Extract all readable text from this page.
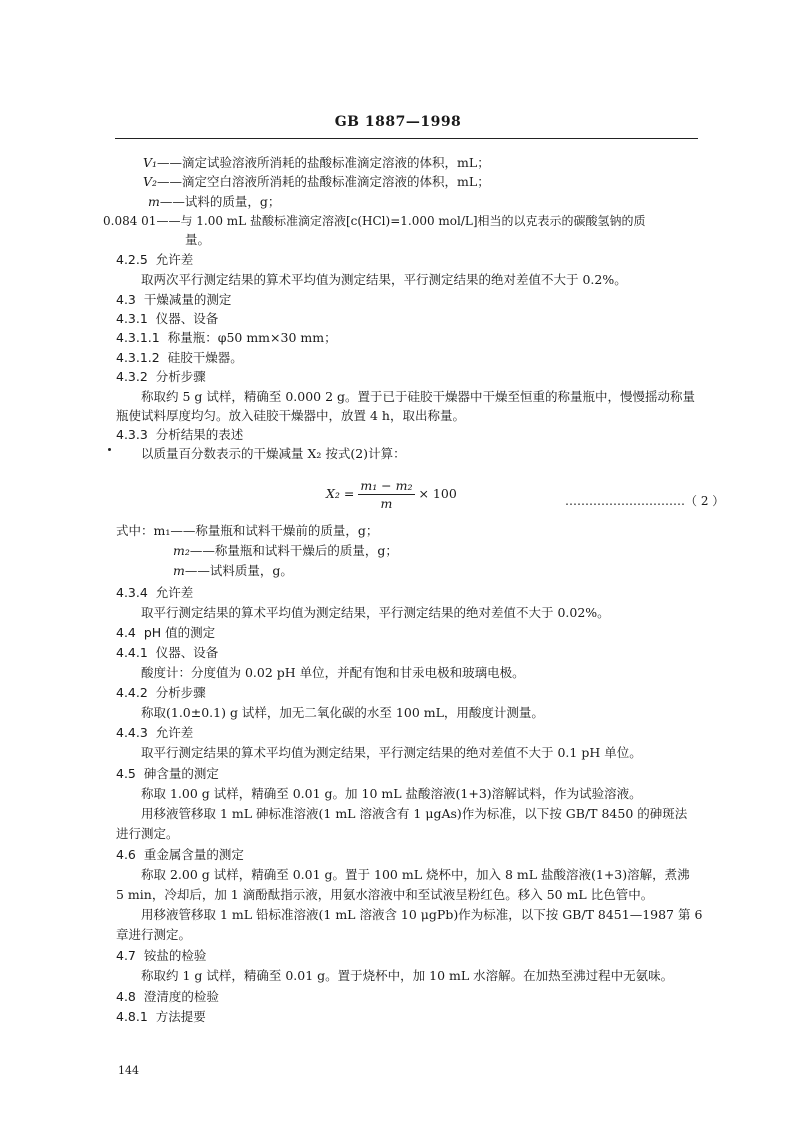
GB 1887—1998
V₁——滴定试验溶液所消耗的盐酸标准滴定溶液的体积，mL；
V₂——滴定空白溶液所消耗的盐酸标准滴定溶液的体积，mL；
m——试料的质量，g；
0.084 01——与 1.00 mL 盐酸标准滴定溶液[c(HCl)=1.000 mol/L]相当的以克表示的碳酸氢钠的质
量。
4.2.5 允许差
取两次平行测定结果的算术平均值为测定结果，平行测定结果的绝对差值不大于 0.2%。
4.3 干燥减量的测定
4.3.1 仪器、设备
4.3.1.1 称量瓶：φ50 mm×30 mm；
4.3.1.2 硅胶干燥器。
4.3.2 分析步骤
称取约 5 g 试样，精确至 0.000 2 g。置于已于硅胶干燥器中干燥至恒重的称量瓶中，慢慢摇动称量
瓶使试料厚度均匀。放入硅胶干燥器中，放置 4 h，取出称量。
4.3.3 分析结果的表述
以质量百分数表示的干燥减量 X₂ 按式(2)计算：
$X_2 = \frac{\text{m₁ − m₂}}{m} \times 100$	…………………………（ 2 ）
式中：m₁——称量瓶和试料干燥前的质量，g；
m₂——称量瓶和试料干燥后的质量，g；
m——试料质量，g。
4.3.4 允许差
取平行测定结果的算术平均值为测定结果，平行测定结果的绝对差值不大于 0.02%。
4.4 pH 值的测定
4.4.1 仪器、设备
酸度计：分度值为 0.02 pH 单位，并配有饱和甘汞电极和玻璃电极。
4.4.2 分析步骤
称取(1.0±0.1) g 试样，加无二氧化碳的水至 100 mL，用酸度计测量。
4.4.3 允许差
取平行测定结果的算术平均值为测定结果，平行测定结果的绝对差值不大于 0.1 pH 单位。
4.5 砷含量的测定
称取 1.00 g 试样，精确至 0.01 g。加 10 mL 盐酸溶液(1+3)溶解试料，作为试验溶液。
用移液管移取 1 mL 砷标准溶液(1 mL 溶液含有 1 μgAs)作为标准，以下按 GB/T 8450 的砷斑法
进行测定。
4.6 重金属含量的测定
称取 2.00 g 试样，精确至 0.01 g。置于 100 mL 烧杯中，加入 8 mL 盐酸溶液(1+3)溶解，煮沸
5 min，冷却后，加 1 滴酚酞指示液，用氨水溶液中和至试液呈粉红色。移入 50 mL 比色管中。
用移液管移取 1 mL 铅标准溶液(1 mL 溶液含 10 μgPb)作为标准，以下按 GB/T 8451—1987 第 6
章进行测定。
4.7 铵盐的检验
称取约 1 g 试样，精确至 0.01 g。置于烧杯中，加 10 mL 水溶解。在加热至沸过程中无氨味。
4.8 澄清度的检验
4.8.1 方法提要
144
